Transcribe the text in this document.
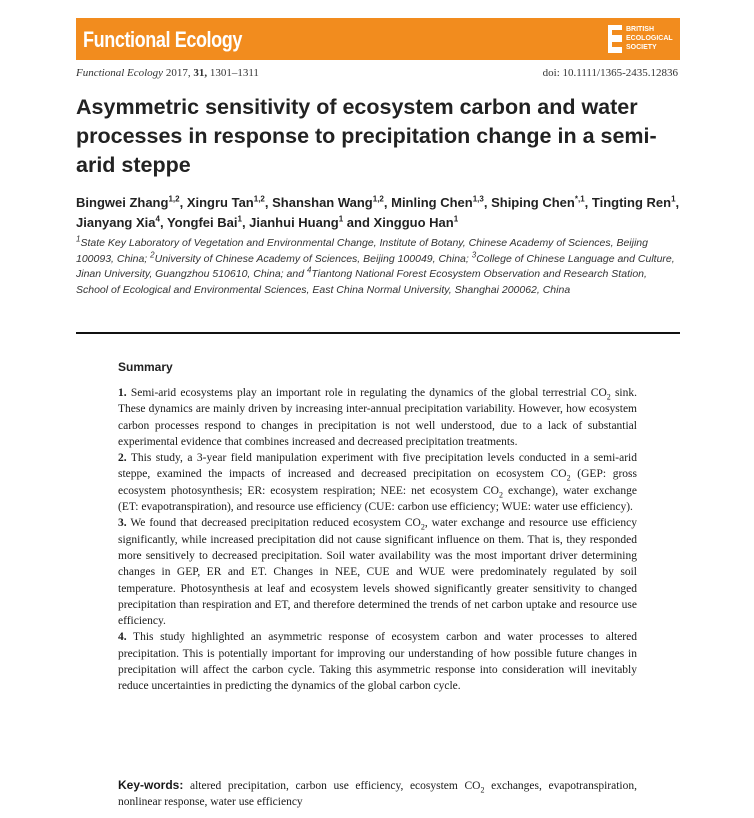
Functional Ecology	BRITISH
ECOLOGICAL
SOCIETY
Functional Ecology 2017, 31, 1301–1311	doi: 10.1111/1365-2435.12836
Asymmetric sensitivity of ecosystem carbon and water processes in response to precipitation change in a semi-arid steppe
Bingwei Zhang$^{1,2}$, Xingru Tan$^{1,2}$, Shanshan Wang$^{1,2}$, Minling Chen$^{1,3}$, Shiping Chen$^{*,1}$, Tingting Ren$^1$, Jianyang Xia$^4$, Yongfei Bai$^1$, Jianhui Huang$^1$ and Xingguo Han$^1$
$^1$State Key Laboratory of Vegetation and Environmental Change, Institute of Botany, Chinese Academy of Sciences, Beijing 100093, China; $^2$University of Chinese Academy of Sciences, Beijing 100049, China; $^3$College of Chinese Language and Culture, Jinan University, Guangzhou 510610, China; and $^4$Tiantong National Forest Ecosystem Observation and Research Station, School of Ecological and Environmental Sciences, East China Normal University, Shanghai 200062, China
Summary

1. Semi-arid ecosystems play an important role in regulating the dynamics of the global terrestrial $CO_2$ sink. These dynamics are mainly driven by increasing inter-annual precipitation variability. However, how ecosystem carbon processes respond to changes in precipitation is not well understood, due to a lack of substantial experimental evidence that combines increased and decreased precipitation treatments.

2. This study, a 3-year field manipulation experiment with five precipitation levels conducted in a semi-arid steppe, examined the impacts of increased and decreased precipitation on ecosystem $CO_2$ (GEP: gross ecosystem photosynthesis; ER: ecosystem respiration; NEE: net ecosystem $CO_2$ exchange), water exchange (ET: evapotranspiration), and resource use efficiency (CUE: carbon use efficiency; WUE: water use efficiency).

3. We found that decreased precipitation reduced ecosystem $CO_2$, water exchange and resource use efficiency significantly, while increased precipitation did not cause significant influence on them. That is, they responded more sensitively to decreased precipitation. Soil water availability was the most important driver determining changes in GEP, ER and ET. Changes in NEE, CUE and WUE were predominately regulated by soil temperature. Photosynthesis at leaf and ecosystem levels showed significantly greater sensitivity to changed precipitation than respiration and ET, and therefore determined the trends of net carbon uptake and resource use efficiency.

4. This study highlighted an asymmetric response of ecosystem carbon and water processes to altered precipitation. This is potentially important for improving our understanding of how possible future changes in precipitation will affect the carbon cycle. Taking this asymmetric response into consideration will inevitably reduce uncertainties in predicting the dynamics of the global carbon cycle.

Key-words: altered precipitation, carbon use efficiency, ecosystem $CO_2$ exchanges, evapotranspiration, nonlinear response, water use efficiency
